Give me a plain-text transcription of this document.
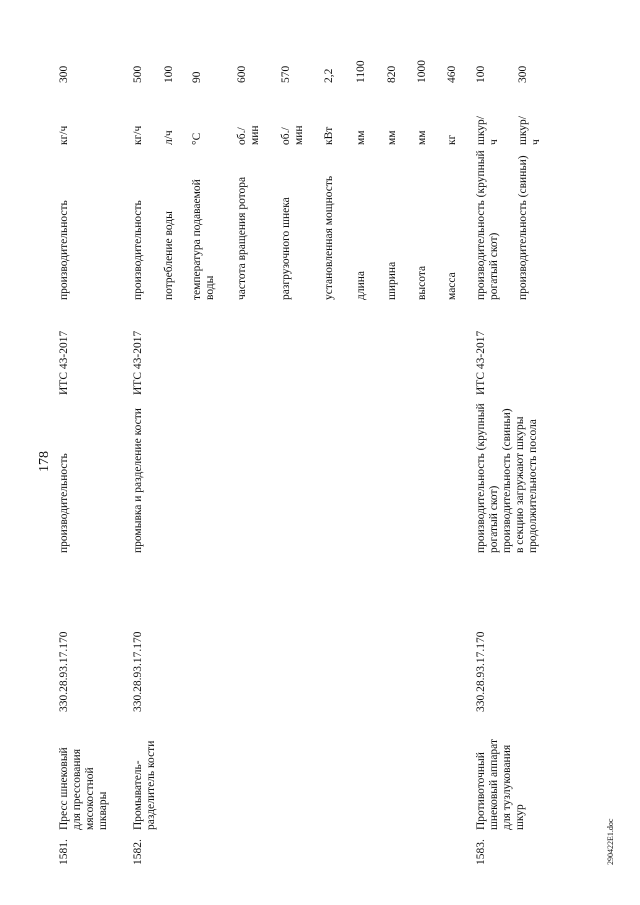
178
1581.
Пресс шнековый для прессования мясокостной шквары
330.28.93.17.170
производительность
ИТС 43-2017
производительность
кг/ч
300
1582.
Промыватель-разделитель кости
330.28.93.17.170
промывка и разделение кости
ИТС 43-2017
производительность
кг/ч
500
потребление воды
л/ч
100
температура подаваемой воды
°С
90
частота вращения ротора
об./мин
600
разгрузочного шнека
об./мин
570
установленная мощность
кВт
2,2
длина
мм
1100
ширина
мм
820
высота
мм
1000
масса
кг
460
1583.
Противоточный шнековый аппарат для тузлукования шкур
330.28.93.17.170
производительность (крупный рогатый скот) производительность (свиньи) в секцию загружают шкуры продолжительность посола
ИТС 43-2017
производительность (крупный рогатый скот)
шкур/ч
100
производительность (свиньи)
шкур/ч
300
290422E1.doc
